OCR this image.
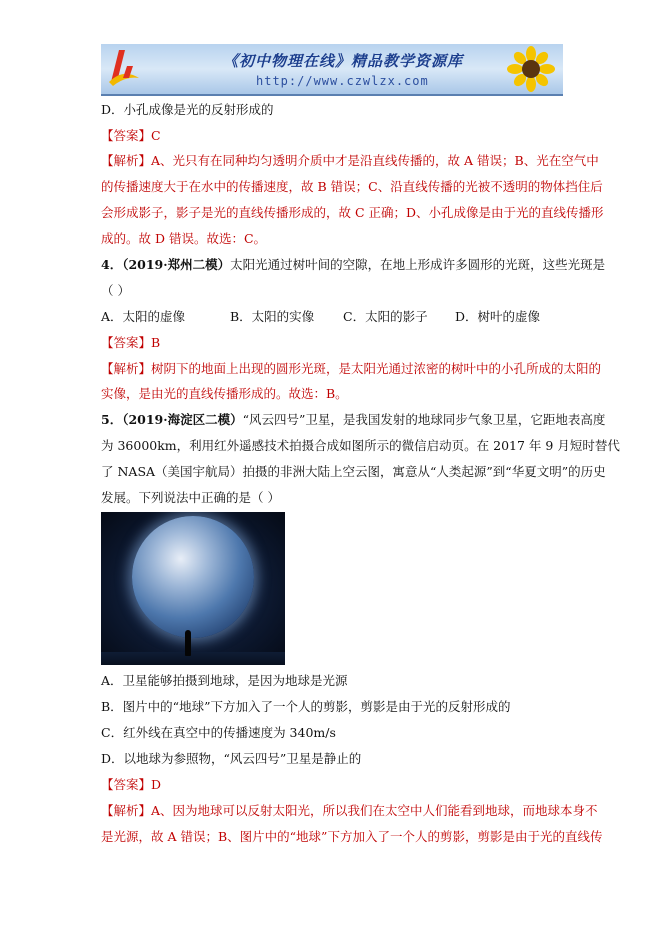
《初中物理在线》精品教学资源库
http://www.czwlzx.com
D．小孔成像是光的反射形成的
【答案】C
【解析】A、光只有在同种均匀透明介质中才是沿直线传播的，故 A 错误；B、光在空气中
的传播速度大于在水中的传播速度，故 B 错误；C、沿直线传播的光被不透明的物体挡住后
会形成影子，影子是光的直线传播形成的，故 C 正确；D、小孔成像是由于光的直线传播形
成的。故 D 错误。故选：C。
4．（2019·郑州二模）太阳光通过树叶间的空隙，在地上形成许多圆形的光斑，这些光斑是
（ ）
A．太阳的虚像	B．太阳的实像 C．太阳的影子 D．树叶的虚像
【答案】B
【解析】树阴下的地面上出现的圆形光斑，是太阳光通过浓密的树叶中的小孔所成的太阳的
实像，是由光的直线传播形成的。故选：B。
5．（2019·海淀区二模）“风云四号”卫星，是我国发射的地球同步气象卫星，它距地表高度
为 36000km，利用红外遥感技术拍摄合成如图所示的微信启动页。在 2017 年 9 月短时替代
了 NASA（美国宇航局）拍摄的非洲大陆上空云图，寓意从“人类起源”到“华夏文明”的历史
发展。下列说法中正确的是（ ）
A．卫星能够拍摄到地球，是因为地球是光源
B．图片中的“地球”下方加入了一个人的剪影，剪影是由于光的反射形成的
C．红外线在真空中的传播速度为 340m/s
D．以地球为参照物，“风云四号”卫星是静止的
【答案】D
【解析】A、因为地球可以反射太阳光，所以我们在太空中人们能看到地球，而地球本身不
是光源，故 A 错误；B、图片中的“地球”下方加入了一个人的剪影，剪影是由于光的直线传
